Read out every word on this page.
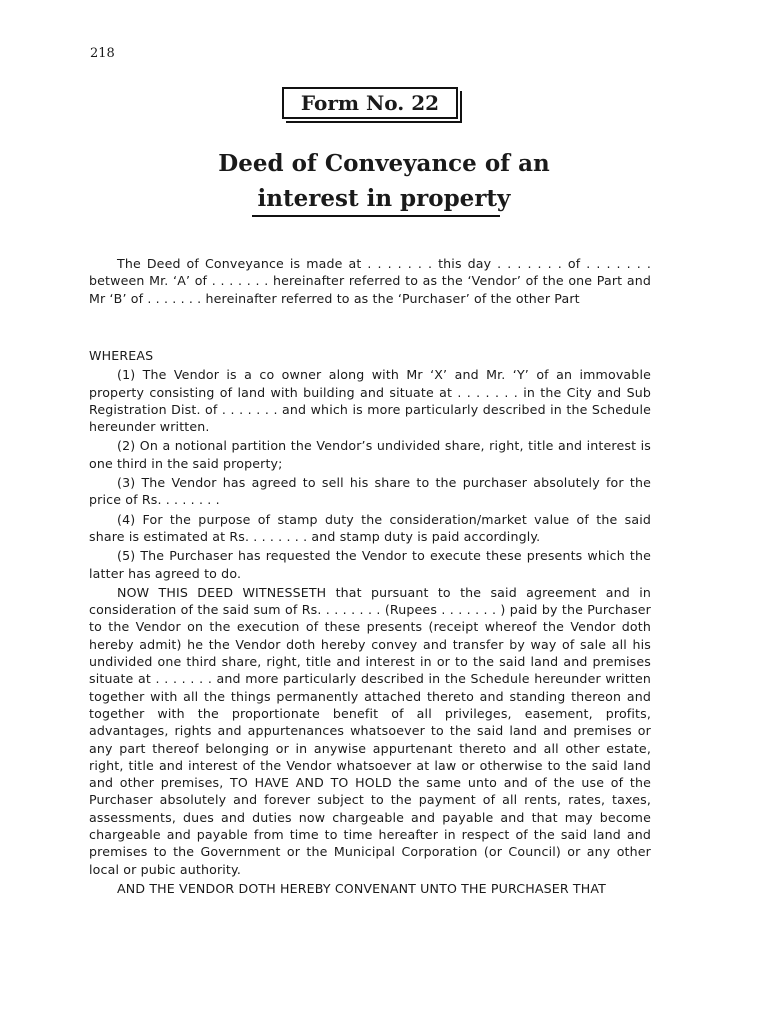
218
Form No. 22
Deed of Conveyance of an
interest in property

The Deed of Conveyance is made at . . . . . . . this day . . . . . . . of . . . . . . . between Mr. ‘A’ of . . . . . . . hereinafter referred to as the ‘Vendor’ of the one Part and Mr ‘B’ of . . . . . . . hereinafter referred to as the ‘Purchaser’ of the other Part

WHEREAS

(1) The Vendor is a co owner along with Mr ‘X’ and Mr. ‘Y’ of an immovable property consisting of land with building and situate at . . . . . . . in the City and Sub Registration Dist. of . . . . . . . and which is more particularly described in the Schedule hereunder written.

(2) On a notional partition the Vendor’s undivided share, right, title and interest is one third in the said property;

(3) The Vendor has agreed to sell his share to the purchaser absolutely for the price of Rs. . . . . . . .

(4) For the purpose of stamp duty the consideration/market value of the said share is estimated at Rs. . . . . . . . and stamp duty is paid accordingly.

(5) The Purchaser has requested the Vendor to execute these presents which the latter has agreed to do.

NOW THIS DEED WITNESSETH that pursuant to the said agreement and in consideration of the said sum of Rs. . . . . . . . (Rupees . . . . . . . ) paid by the Purchaser to the Vendor on the execution of these presents (receipt whereof the Vendor doth hereby admit) he the Vendor doth hereby convey and transfer by way of sale all his undivided one third share, right, title and interest in or to the said land and premises situate at . . . . . . . and more particularly described in the Schedule hereunder written together with all the things permanently attached thereto and standing thereon and together with the proportionate benefit of all privileges, easement, profits, advantages, rights and appurtenances whatsoever to the said land and premises or any part thereof belonging or in anywise appurtenant thereto and all other estate, right, title and interest of the Vendor whatsoever at law or otherwise to the said land and other premises, TO HAVE AND TO HOLD the same unto and of the use of the Purchaser absolutely and forever subject to the payment of all rents, rates, taxes, assessments, dues and duties now chargeable and payable and that may become chargeable and payable from time to time hereafter in respect of the said land and premises to the Government or the Municipal Corporation (or Council) or any other local or pubic authority.

AND THE VENDOR DOTH HEREBY CONVENANT UNTO THE PURCHASER THAT
